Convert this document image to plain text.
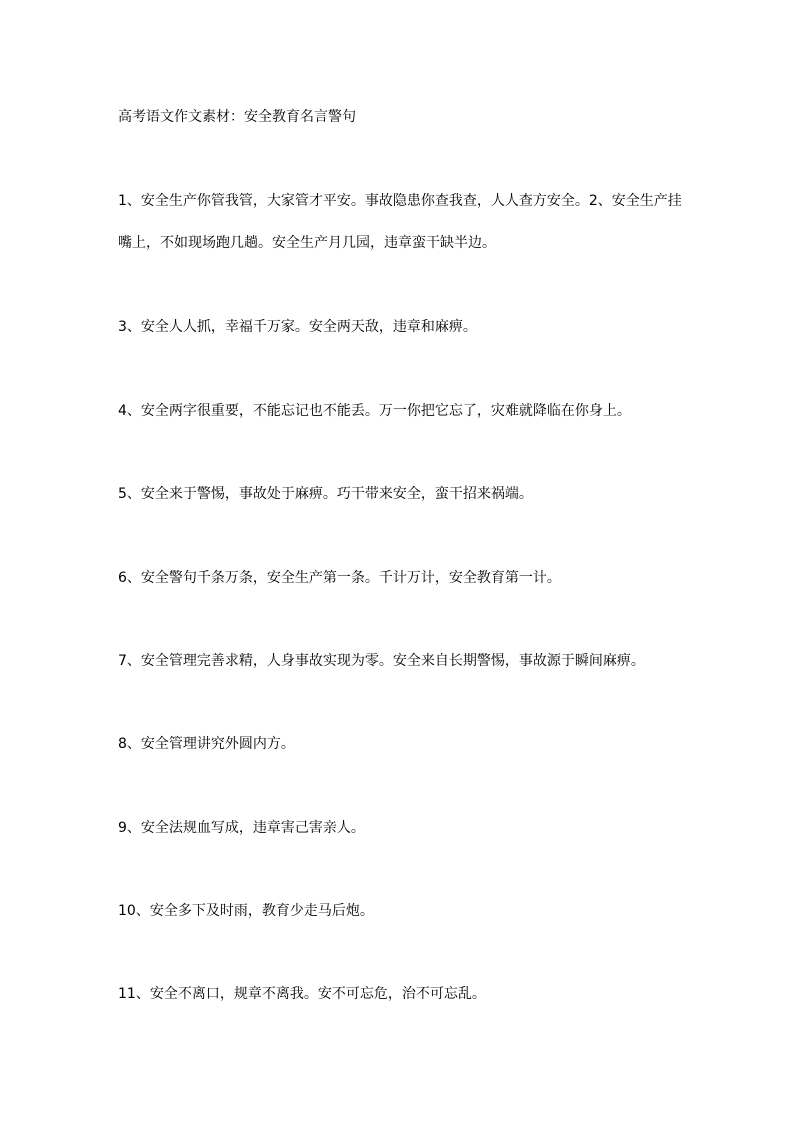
高考语文作文素材：安全教育名言警句
1、安全生产你管我管，大家管才平安。事故隐患你查我查，人人查方安全。2、安全生产挂
嘴上，不如现场跑几趟。安全生产月几园，违章蛮干缺半边。
3、安全人人抓，幸福千万家。安全两天敌，违章和麻痹。
4、安全两字很重要，不能忘记也不能丢。万一你把它忘了，灾难就降临在你身上。
5、安全来于警惕，事故处于麻痹。巧干带来安全，蛮干招来祸端。
6、安全警句千条万条，安全生产第一条。千计万计，安全教育第一计。
7、安全管理完善求精，人身事故实现为零。安全来自长期警惕，事故源于瞬间麻痹。
8、安全管理讲究外圆内方。
9、安全法规血写成，违章害己害亲人。
10、安全多下及时雨，教育少走马后炮。
11、安全不离口，规章不离我。安不可忘危，治不可忘乱。
